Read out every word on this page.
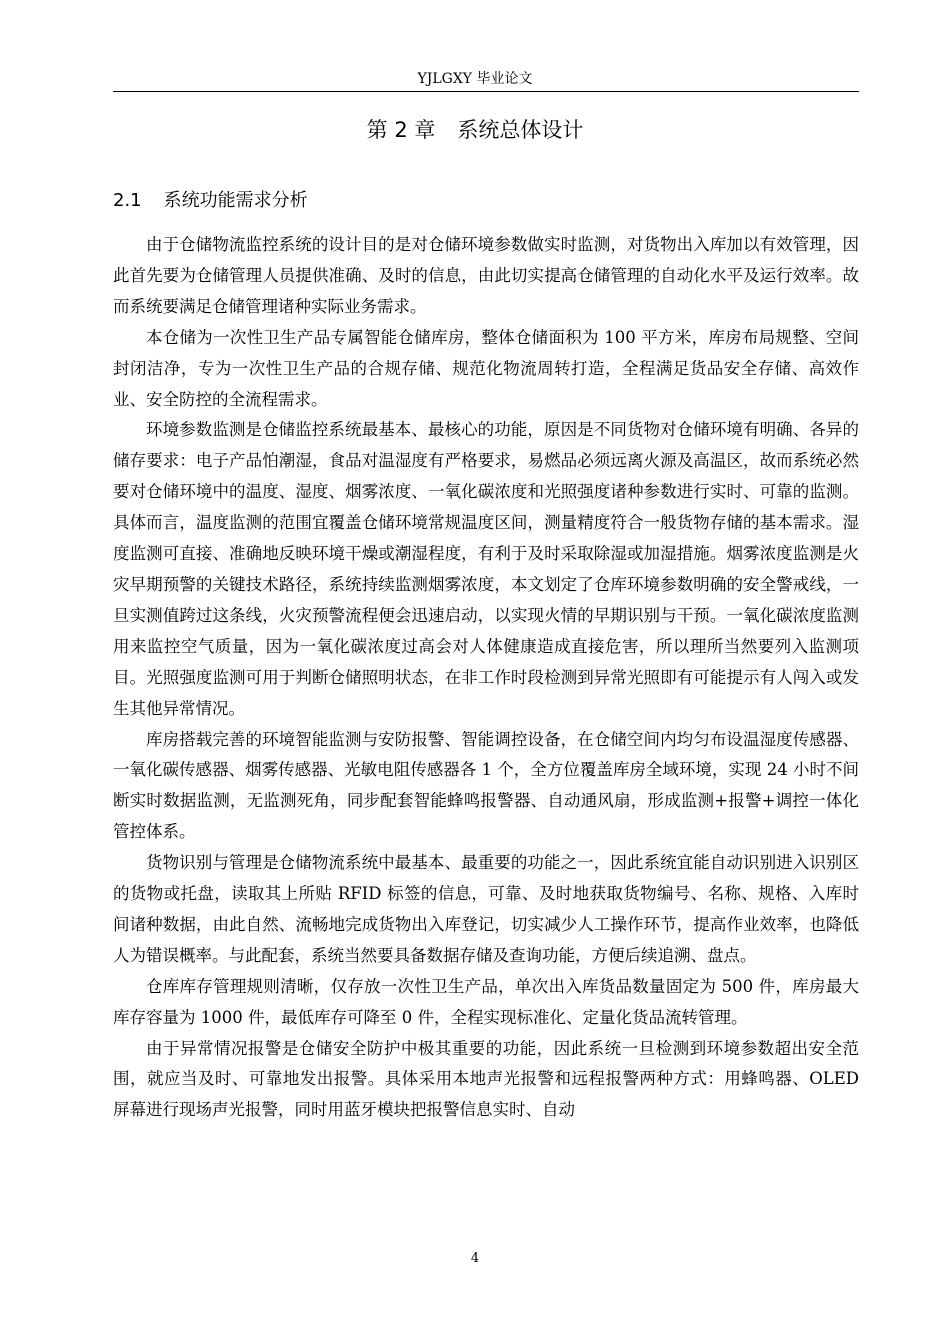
YJLGXY 毕业论文
第 2 章 系统总体设计
2.1 系统功能需求分析

由于仓储物流监控系统的设计目的是对仓储环境参数做实时监测，对货物出入库加以有效管理，因此首先要为仓储管理人员提供准确、及时的信息，由此切实提高仓储管理的自动化水平及运行效率。故而系统要满足仓储管理诸种实际业务需求。

本仓储为一次性卫生产品专属智能仓储库房，整体仓储面积为 100 平方米，库房布局规整、空间封闭洁净，专为一次性卫生产品的合规存储、规范化物流周转打造，全程满足货品安全存储、高效作业、安全防控的全流程需求。

环境参数监测是仓储监控系统最基本、最核心的功能，原因是不同货物对仓储环境有明确、各异的储存要求：电子产品怕潮湿，食品对温湿度有严格要求，易燃品必须远离火源及高温区，故而系统必然要对仓储环境中的温度、湿度、烟雾浓度、一氧化碳浓度和光照强度诸种参数进行实时、可靠的监测。具体而言，温度监测的范围宜覆盖仓储环境常规温度区间，测量精度符合一般货物存储的基本需求。湿度监测可直接、准确地反映环境干燥或潮湿程度，有利于及时采取除湿或加湿措施。烟雾浓度监测是火灾早期预警的关键技术路径，系统持续监测烟雾浓度，本文划定了仓库环境参数明确的安全警戒线，一旦实测值跨过这条线，火灾预警流程便会迅速启动，以实现火情的早期识别与干预。一氧化碳浓度监测用来监控空气质量，因为一氧化碳浓度过高会对人体健康造成直接危害，所以理所当然要列入监测项目。光照强度监测可用于判断仓储照明状态，在非工作时段检测到异常光照即有可能提示有人闯入或发生其他异常情况。

库房搭载完善的环境智能监测与安防报警、智能调控设备，在仓储空间内均匀布设温湿度传感器、一氧化碳传感器、烟雾传感器、光敏电阻传感器各 1 个，全方位覆盖库房全域环境，实现 24 小时不间断实时数据监测，无监测死角，同步配套智能蜂鸣报警器、自动通风扇，形成监测+报警+调控一体化管控体系。

货物识别与管理是仓储物流系统中最基本、最重要的功能之一，因此系统宜能自动识别进入识别区的货物或托盘，读取其上所贴 RFID 标签的信息，可靠、及时地获取货物编号、名称、规格、入库时间诸种数据，由此自然、流畅地完成货物出入库登记，切实减少人工操作环节，提高作业效率，也降低人为错误概率。与此配套，系统当然要具备数据存储及查询功能，方便后续追溯、盘点。

仓库库存管理规则清晰，仅存放一次性卫生产品，单次出入库货品数量固定为 500 件，库房最大库存容量为 1000 件，最低库存可降至 0 件，全程实现标准化、定量化货品流转管理。

由于异常情况报警是仓储安全防护中极其重要的功能，因此系统一旦检测到环境参数超出安全范围，就应当及时、可靠地发出报警。具体采用本地声光报警和远程报警两种方式：用蜂鸣器、OLED 屏幕进行现场声光报警，同时用蓝牙模块把报警信息实时、自动

4
